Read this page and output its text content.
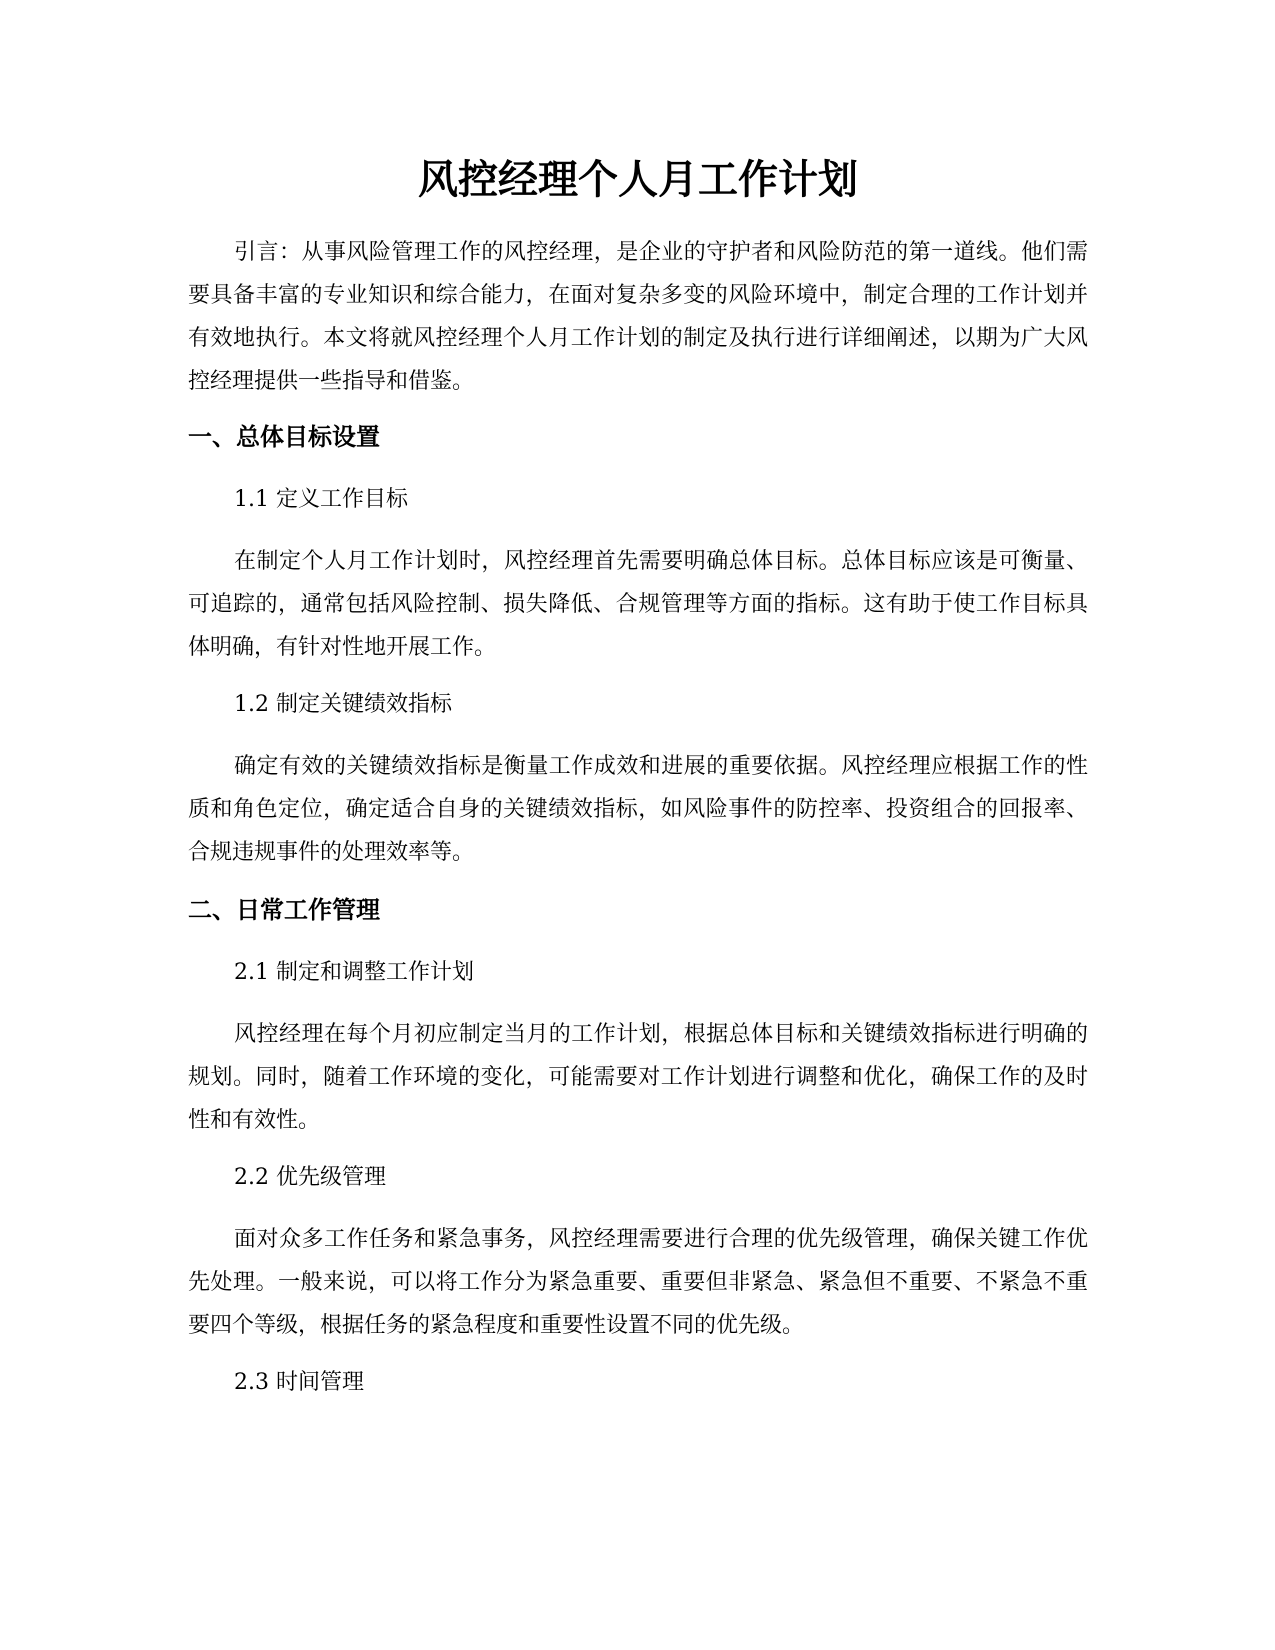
风控经理个人月工作计划

引言：从事风险管理工作的风控经理，是企业的守护者和风险防范的第一道线。他们需要具备丰富的专业知识和综合能力，在面对复杂多变的风险环境中，制定合理的工作计划并有效地执行。本文将就风控经理个人月工作计划的制定及执行进行详细阐述，以期为广大风控经理提供一些指导和借鉴。

一、总体目标设置

1.1 定义工作目标

在制定个人月工作计划时，风控经理首先需要明确总体目标。总体目标应该是可衡量、可追踪的，通常包括风险控制、损失降低、合规管理等方面的指标。这有助于使工作目标具体明确，有针对性地开展工作。

1.2 制定关键绩效指标

确定有效的关键绩效指标是衡量工作成效和进展的重要依据。风控经理应根据工作的性质和角色定位，确定适合自身的关键绩效指标，如风险事件的防控率、投资组合的回报率、合规违规事件的处理效率等。

二、日常工作管理

2.1 制定和调整工作计划

风控经理在每个月初应制定当月的工作计划，根据总体目标和关键绩效指标进行明确的规划。同时，随着工作环境的变化，可能需要对工作计划进行调整和优化，确保工作的及时性和有效性。

2.2 优先级管理

面对众多工作任务和紧急事务，风控经理需要进行合理的优先级管理，确保关键工作优先处理。一般来说，可以将工作分为紧急重要、重要但非紧急、紧急但不重要、不紧急不重要四个等级，根据任务的紧急程度和重要性设置不同的优先级。

2.3 时间管理
